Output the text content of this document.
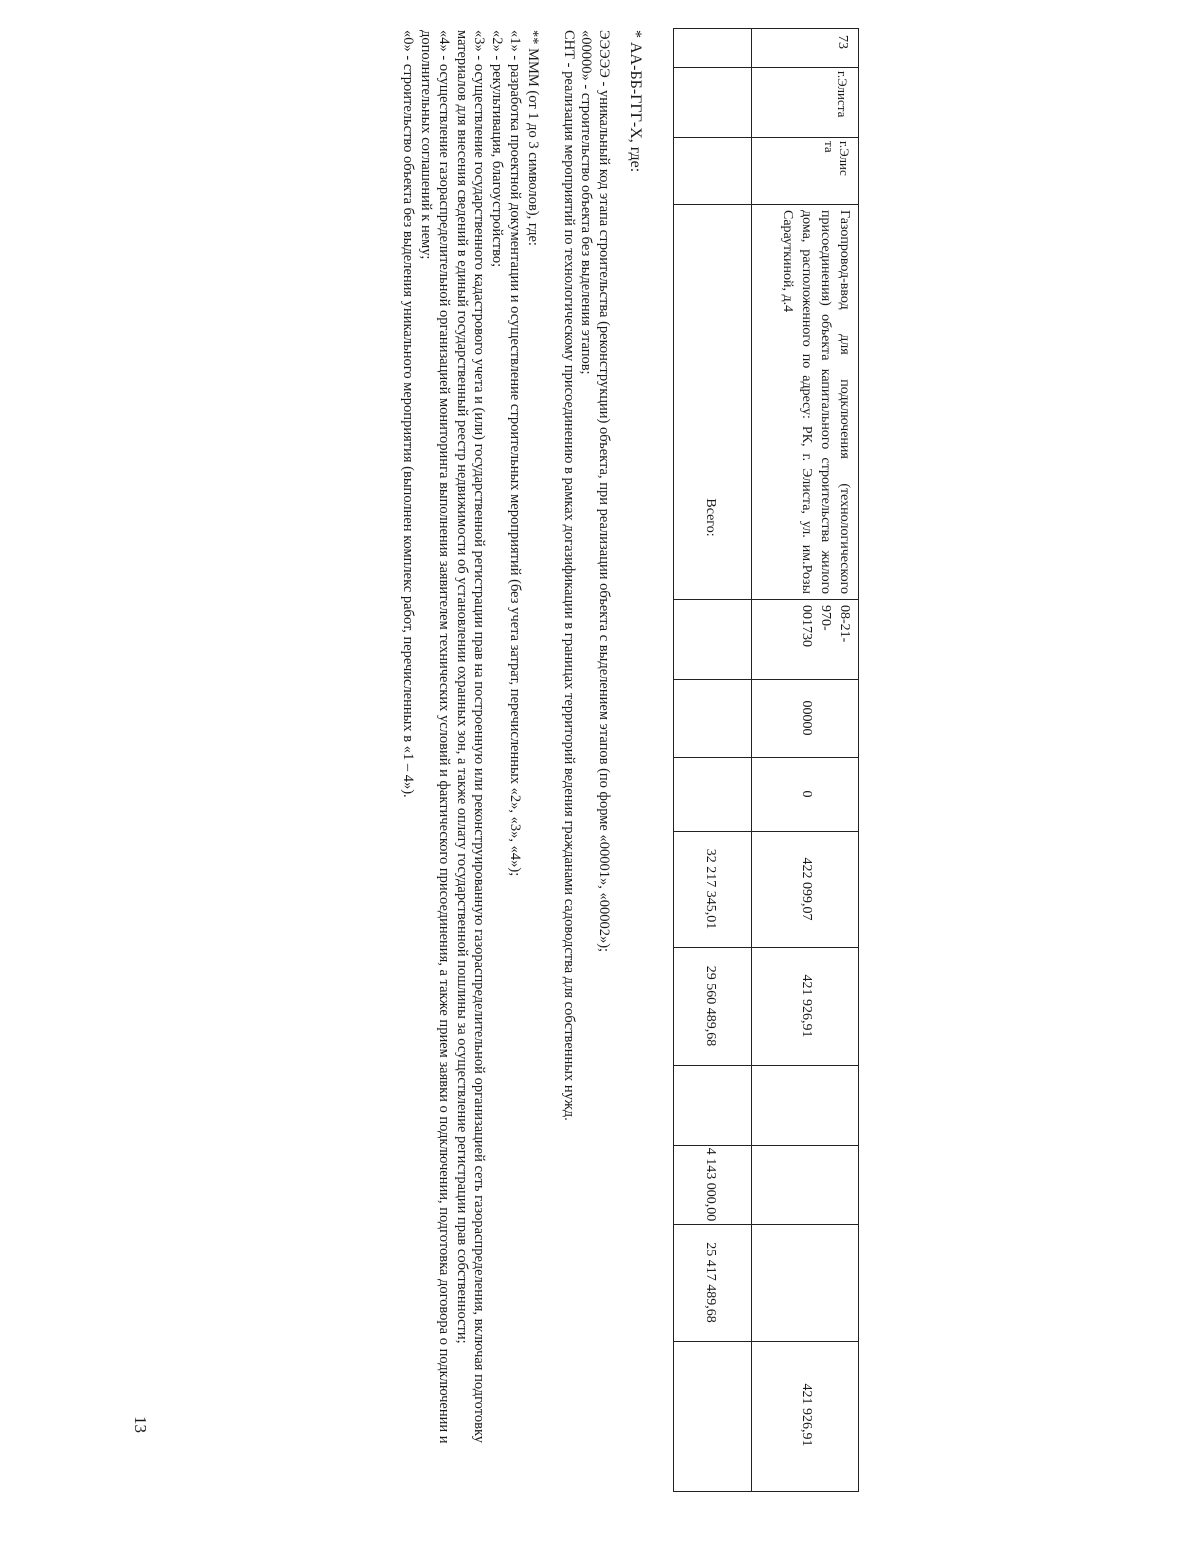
73
г.Элиста
г.Элис
та
Газопровод-ввод для подключения (технологического присоединения) объекта капитального строительства жилого дома, расположенного по адресу: РК, г. Элиста, ул. им.Розы Сарауткиной, д.4
08-21-
970-
001730
00000
0
422 099,07
421 926,91
421 926,91
Всего:
32 217 345,01
29 560 489,68
4 143 000,00
25 417 489,68

* АА-ББ-ГГГ-Х, где:

ЭЭЭЭЭ - уникальный код этапа строительства (реконструкции) объекта, при реализации объекта с выделением этапов (по форме «00001», «00002»);

«00000» - строительство объекта без выделения этапов;

СНТ - реализация мероприятий по технологическому присоединению в рамках догазификации в границах территорий ведения гражданами садоводства для собственных нужд.

** МММ (от 1 до 3 символов), где:

«1» - разработка проектной документации и осуществление строительных мероприятий (без учета затрат, перечисленных «2», «3», «4»);

«2» - рекультивация, благоустройство;

«3» - осуществление государственного кадастрового учета и (или) государственной регистрации прав на построенную или реконструированную газораспределительной организацией сеть газораспределения, включая подготовку материалов для внесения сведений в единый государственный реестр недвижимости об установлении охранных зон, а также оплату государственной пошлины за осуществление регистрации прав собственности;

«4» - осуществление газораспределительной организацией мониторинга выполнения заявителем технических условий и фактического присоединения, а также прием заявки о подключении, подготовка договора о подключении и дополнительных соглашений к нему;

«0» - строительство объекта без выделения уникального мероприятия (выполнен комплекс работ, перечисленных в «1 – 4»).

13
